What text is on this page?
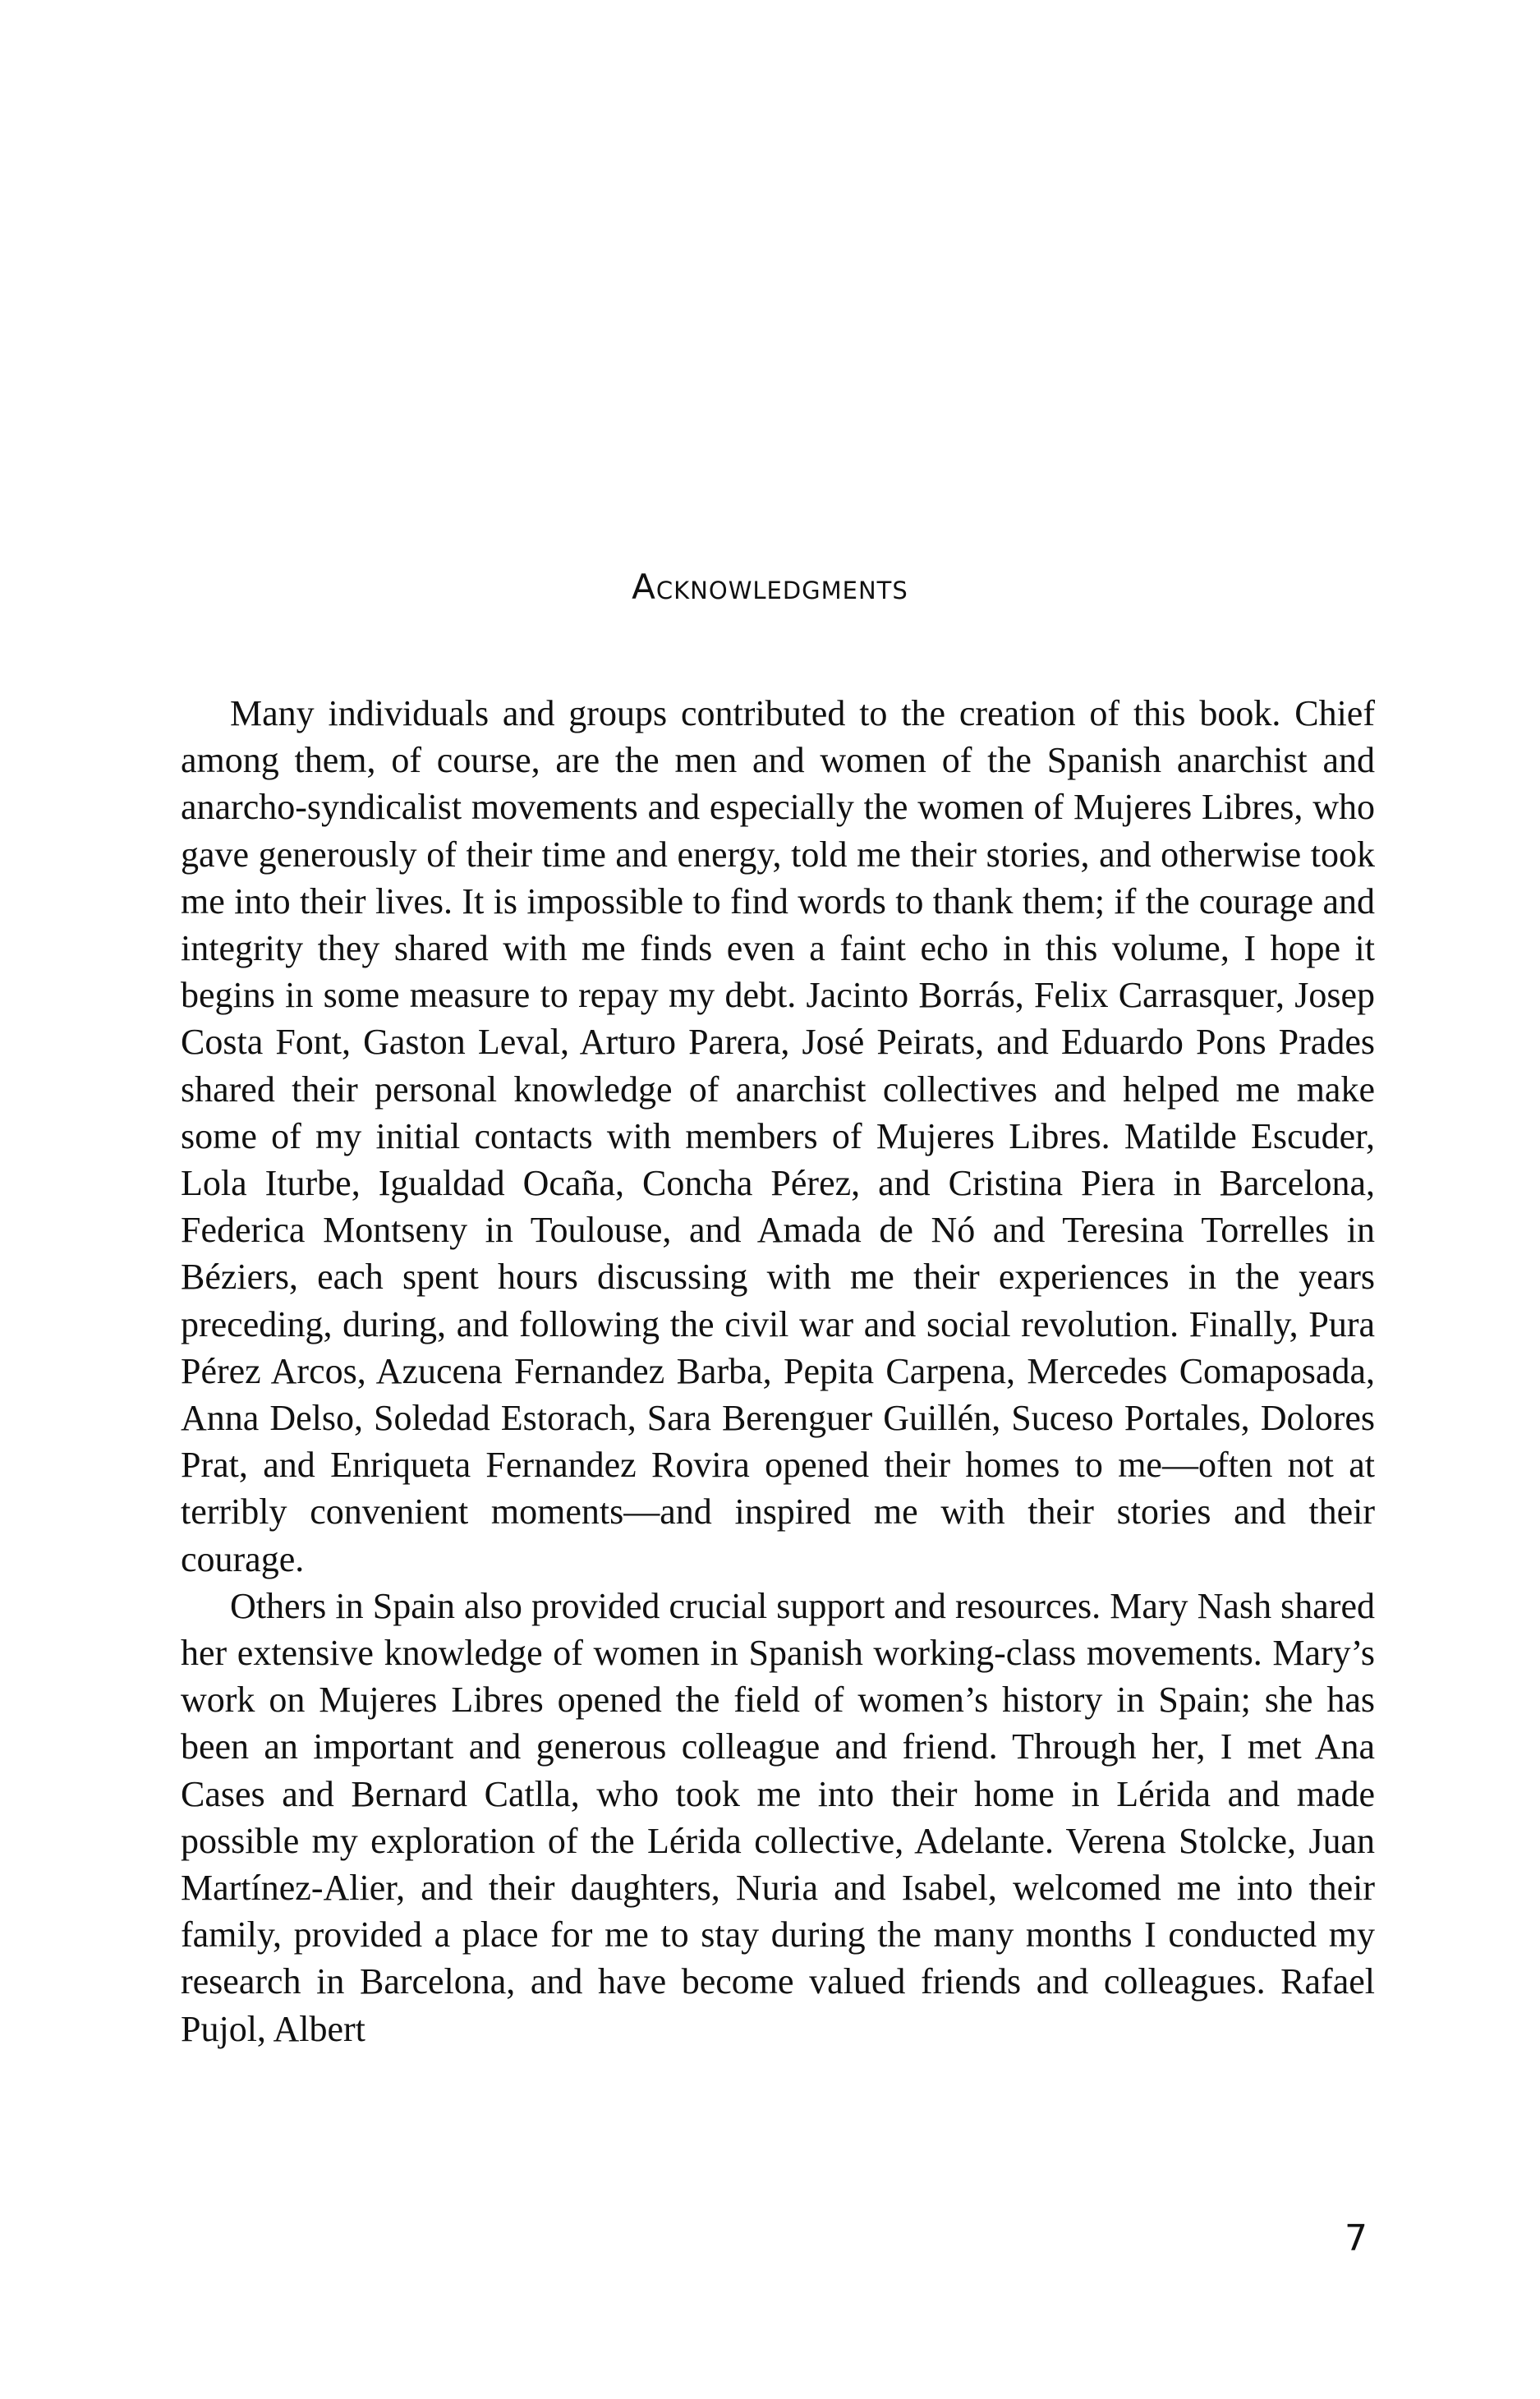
Acknowledgments

Many individuals and groups contributed to the creation of this book. Chief among them, of course, are the men and women of the Spanish anarchist and anarcho-syndicalist movements and especially the women of Mujeres Libres, who gave generously of their time and energy, told me their stories, and otherwise took me into their lives. It is impossible to find words to thank them; if the courage and integrity they shared with me finds even a faint echo in this volume, I hope it begins in some measure to repay my debt. Jacinto Borrás, Felix Carrasquer, Josep Costa Font, Gaston Leval, Arturo Parera, José Peirats, and Eduardo Pons Prades shared their personal knowledge of anarchist collectives and helped me make some of my initial contacts with members of Mujeres Libres. Matilde Escuder, Lola Iturbe, Igualdad Ocaña, Concha Pérez, and Cristina Piera in Barcelona, Federica Montseny in Toulouse, and Amada de Nó and Teresina Torrelles in Béziers, each spent hours discussing with me their experiences in the years preceding, during, and following the civil war and social revolution. Finally, Pura Pérez Arcos, Azucena Fernandez Barba, Pepita Carpena, Mercedes Comaposada, Anna Delso, Soledad Estorach, Sara Berenguer Guillén, Suceso Portales, Dolores Prat, and Enriqueta Fernandez Rovira opened their homes to me—often not at terribly convenient moments—and inspired me with their stories and their courage.

Others in Spain also provided crucial support and resources. Mary Nash shared her extensive knowledge of women in Spanish working-class movements. Mary’s work on Mujeres Libres opened the field of women’s history in Spain; she has been an important and generous colleague and friend. Through her, I met Ana Cases and Bernard Catlla, who took me into their home in Lérida and made possible my exploration of the Lérida collective, Adelante. Verena Stolcke, Juan Martínez-Alier, and their daughters, Nuria and Isabel, welcomed me into their family, provided a place for me to stay during the many months I conducted my research in Barcelona, and have become valued friends and colleagues. Rafael Pujol, Albert

7
